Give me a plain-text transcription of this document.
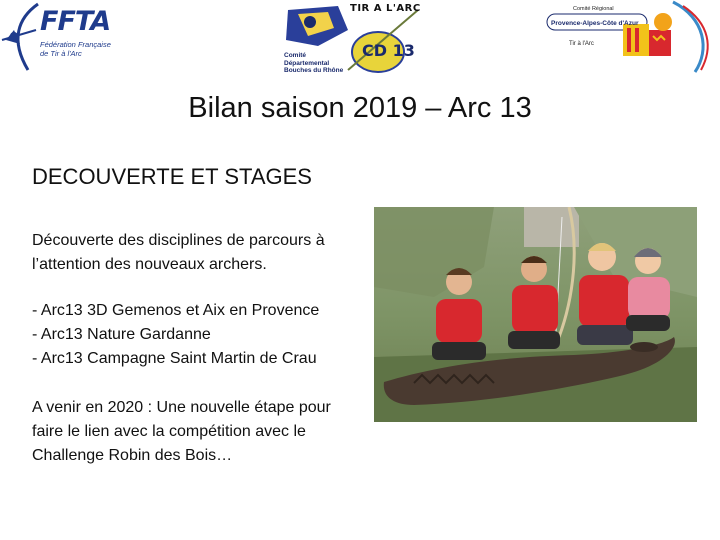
FFTA
Fédération Française de Tir à l'Arc	CD 13
TIR A L'ARC
Comité Départemental Bouches du Rhône
Comité Régional
Provence-Alpes-Côte d'Azur
Tir à l'Arc
Bilan saison 2019 – Arc 13
DECOUVERTE ET STAGES
Découverte des disciplines de parcours à l’attention des nouveaux archers.
- Arc13 3D Gemenos et Aix en Provence
- Arc13 Nature Gardanne
- Arc13 Campagne Saint Martin de Crau
A venir en 2020 : Une nouvelle étape pour faire le lien avec la compétition avec le Challenge Robin des Bois…
